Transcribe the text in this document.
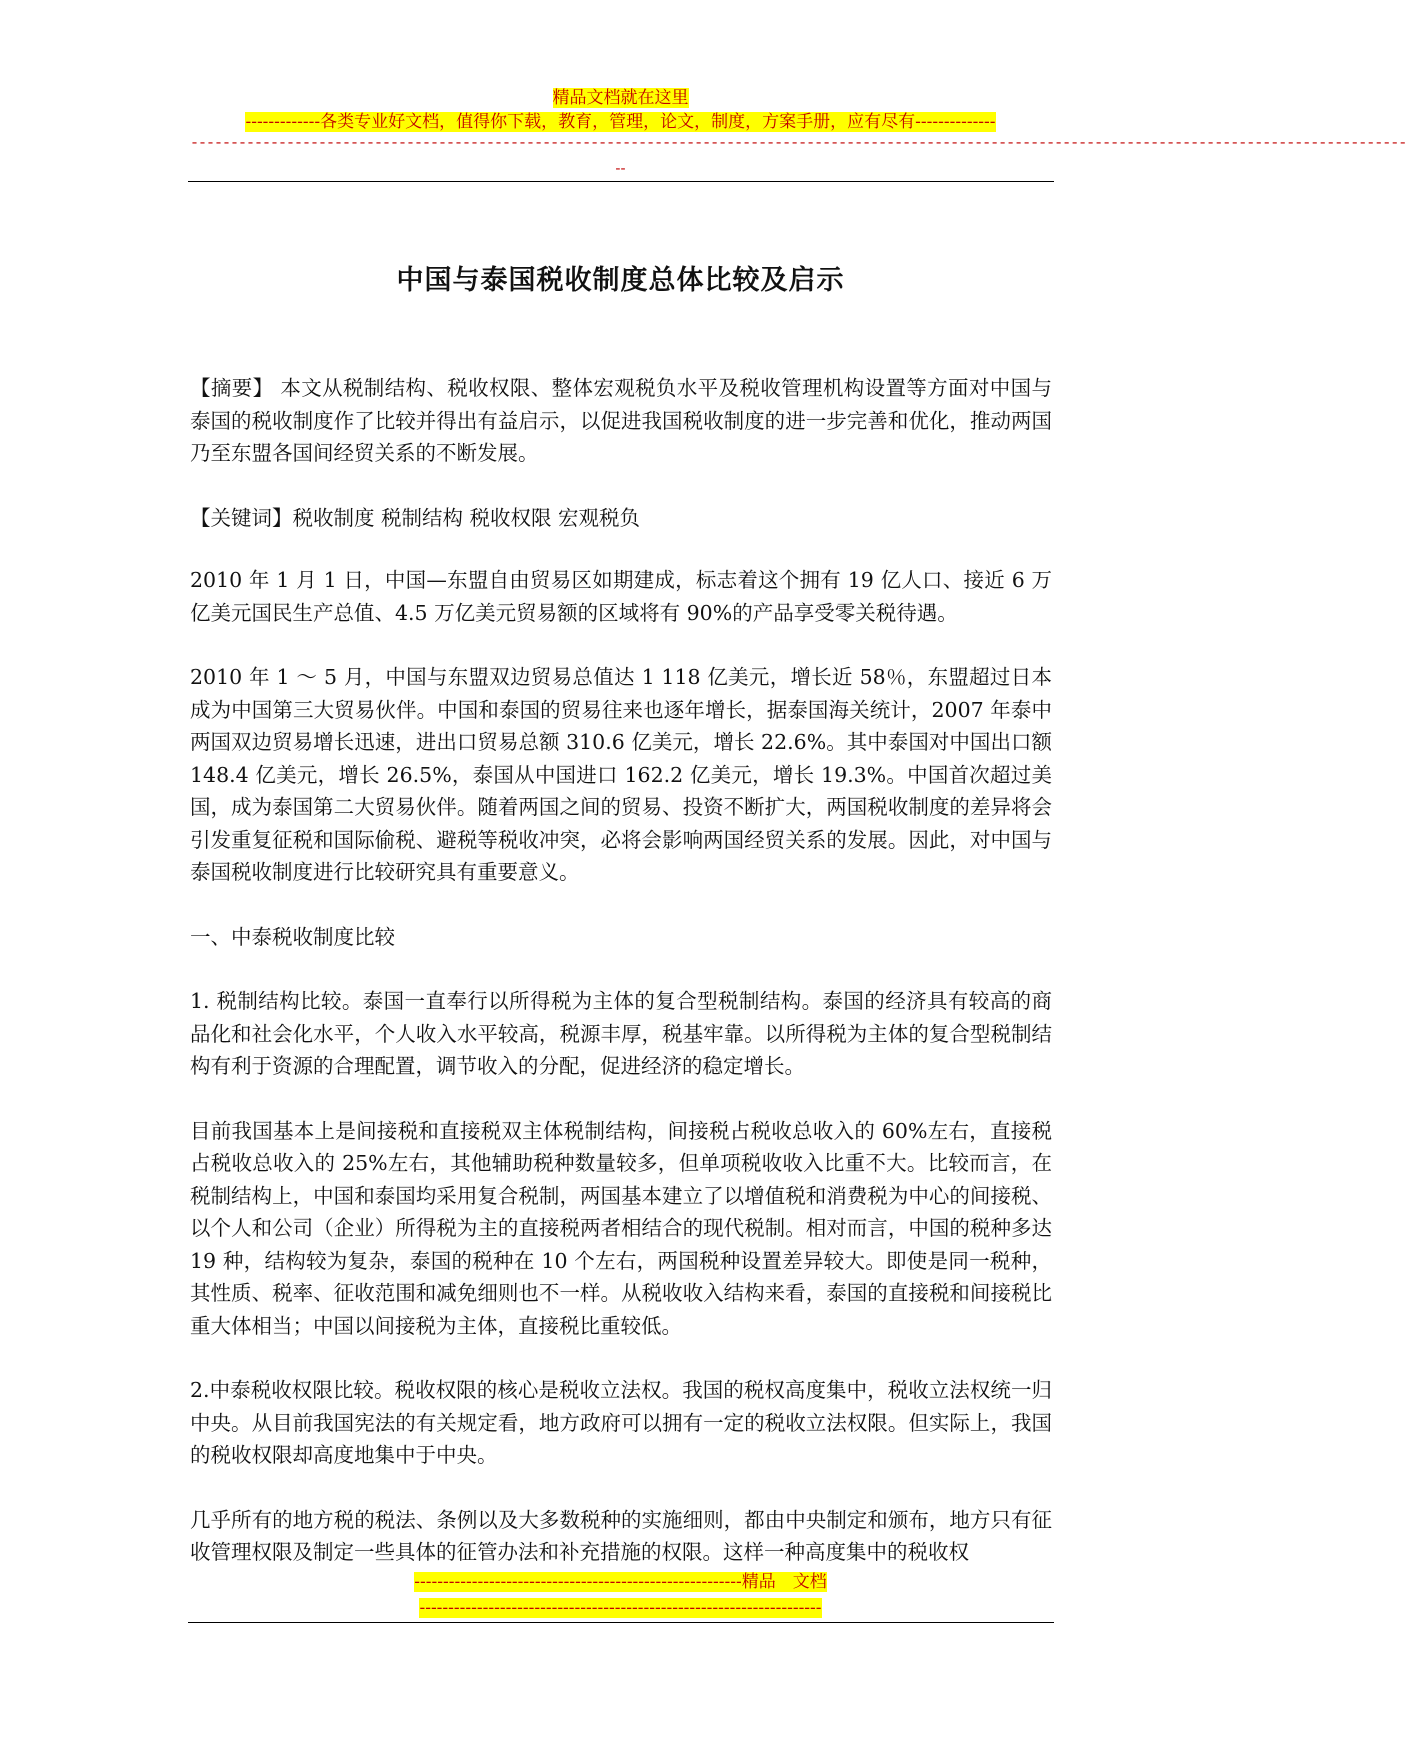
精品文档就在这里
-------------各类专业好文档，值得你下载，教育，管理，论文，制度，方案手册，应有尽有--------------
--------------------------------------------------------------------------------------------------------------------------------------------------------
--
中国与泰国税收制度总体比较及启示

【摘要】 本文从税制结构、税收权限、整体宏观税负水平及税收管理机构设置等方面对中国与泰国的税收制度作了比较并得出有益启示，以促进我国税收制度的进一步完善和优化，推动两国乃至东盟各国间经贸关系的不断发展。

【关键词】税收制度 税制结构 税收权限 宏观税负

2010 年 1 月 1 日，中国—东盟自由贸易区如期建成，标志着这个拥有 19 亿人口、接近 6 万亿美元国民生产总值、4.5 万亿美元贸易额的区域将有 90%的产品享受零关税待遇。

2010 年 1 ～ 5 月，中国与东盟双边贸易总值达 1 118 亿美元，增长近 58％，东盟超过日本成为中国第三大贸易伙伴。中国和泰国的贸易往来也逐年增长，据泰国海关统计，2007 年泰中两国双边贸易增长迅速，进出口贸易总额 310.6 亿美元，增长 22.6%。其中泰国对中国出口额 148.4 亿美元，增长 26.5%，泰国从中国进口 162.2 亿美元，增长 19.3%。中国首次超过美国，成为泰国第二大贸易伙伴。随着两国之间的贸易、投资不断扩大，两国税收制度的差异将会引发重复征税和国际偷税、避税等税收冲突，必将会影响两国经贸关系的发展。因此，对中国与泰国税收制度进行比较研究具有重要意义。

一、中泰税收制度比较

1. 税制结构比较。泰国一直奉行以所得税为主体的复合型税制结构。泰国的经济具有较高的商品化和社会化水平，个人收入水平较高，税源丰厚，税基牢靠。以所得税为主体的复合型税制结构有利于资源的合理配置，调节收入的分配，促进经济的稳定增长。

目前我国基本上是间接税和直接税双主体税制结构，间接税占税收总收入的 60%左右，直接税占税收总收入的 25%左右，其他辅助税种数量较多，但单项税收收入比重不大。比较而言，在税制结构上，中国和泰国均采用复合税制，两国基本建立了以增值税和消费税为中心的间接税、以个人和公司（企业）所得税为主的直接税两者相结合的现代税制。相对而言，中国的税种多达 19 种，结构较为复杂，泰国的税种在 10 个左右，两国税种设置差异较大。即使是同一税种，其性质、税率、征收范围和减免细则也不一样。从税收收入结构来看，泰国的直接税和间接税比重大体相当；中国以间接税为主体，直接税比重较低。

2.中泰税收权限比较。税收权限的核心是税收立法权。我国的税权高度集中，税收立法权统一归中央。从目前我国宪法的有关规定看，地方政府可以拥有一定的税收立法权限。但实际上，我国的税收权限却高度地集中于中央。

几乎所有的地方税的税法、条例以及大多数税种的实施细则，都由中央制定和颁布，地方只有征收管理权限及制定一些具体的征管办法和补充措施的权限。这样一种高度集中的税收权

---------------------------------------------------------精品　文档
----------------------------------------------------------------------
